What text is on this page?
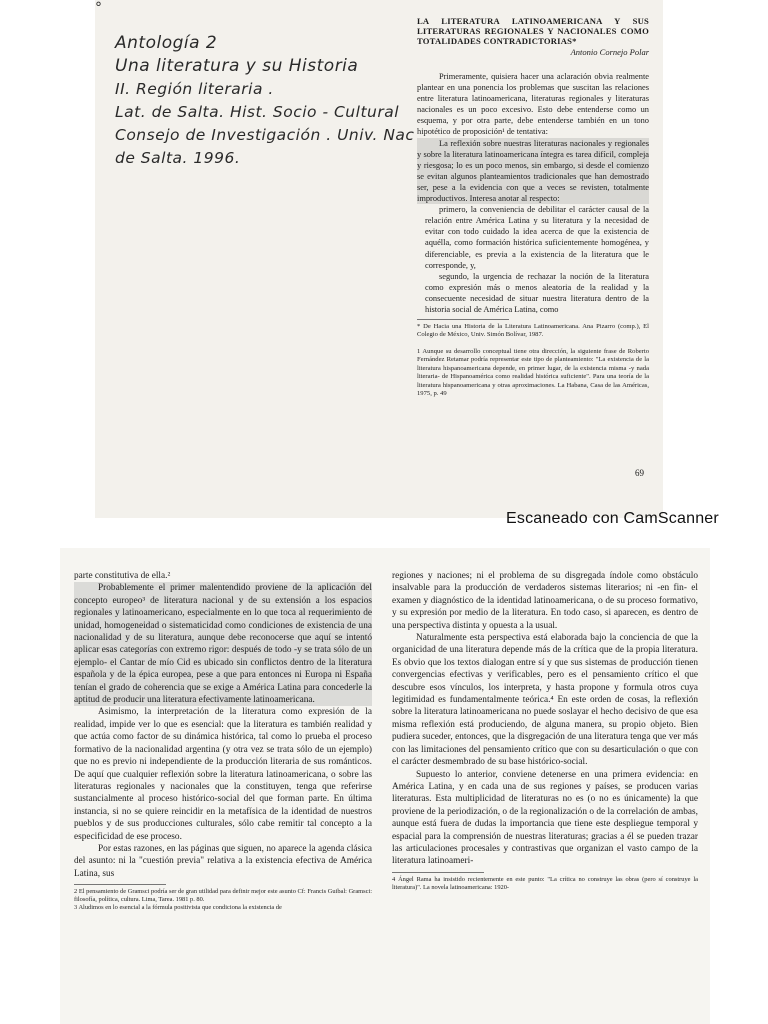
°
Antología 2
Una literatura y su Historia
II. Región literaria .
Lat. de Salta. Hist. Socio - Cultural
Consejo de Investigación . Univ. Nac
de Salta. 1996.
LA LITERATURA LATINOAMERICANA Y SUS LITERATURAS REGIONALES Y NACIONALES COMO TOTALIDADES CONTRADICTORIAS*
Antonio Cornejo Polar

Primeramente, quisiera hacer una aclaración obvia realmente plantear en una ponencia los problemas que suscitan las relaciones entre literatura latinoamericana, literaturas regionales y literaturas nacionales es un poco excesivo. Esto debe entenderse como un esquema, y por otra parte, debe entenderse también en un tono hipotético de proposición¹ de tentativa:

La reflexión sobre nuestras literaturas nacionales y regionales y sobre la literatura latinoamericana íntegra es tarea difícil, compleja y riesgosa; lo es un poco menos, sin embargo, si desde el comienzo se evitan algunos planteamientos tradicionales que han demostrado ser, pese a la evidencia con que a veces se revisten, totalmente improductivos. Interesa anotar al respecto:

primero, la conveniencia de debilitar el carácter causal de la relación entre América Latina y su literatura y la necesidad de evitar con todo cuidado la idea acerca de que la existencia de aquélla, como formación histórica suficientemente homogénea, y diferenciable, es previa a la existencia de la literatura que le corresponde, y,

segundo, la urgencia de rechazar la noción de la literatura como expresión más o menos aleatoria de la realidad y la consecuente necesidad de situar nuestra literatura dentro de la historia social de América Latina, como

* De Hacia una Historia de la Literatura Latinoamericana. Ana Pizarro (comp.), El Colegio de México, Univ. Simón Bolívar, 1987.

1 Aunque su desarrollo conceptual tiene otra dirección, la siguiente frase de Roberto Fernández Retamar podría representar este tipo de planteamiento: "La existencia de la literatura hispanoamericana depende, en primer lugar, de la existencia misma -y nada literaria- de Hispanoamérica como realidad histórica suficiente". Para una teoría de la literatura hispanoamericana y otras aproximaciones. La Habana, Casa de las Américas, 1975, p. 49

69
Escaneado con CamScanner

parte constitutiva de ella.²

Probablemente el primer malentendido proviene de la aplicación del concepto europeo³ de literatura nacional y de su extensión a los espacios regionales y latinoamericano, especialmente en lo que toca al requerimiento de unidad, homogeneidad o sistematicidad como condiciones de existencia de una nacionalidad y de su literatura, aunque debe reconocerse que aquí se intentó aplicar esas categorías con extremo rigor: después de todo -y se trata sólo de un ejemplo- el Cantar de mío Cid es ubicado sin conflictos dentro de la literatura española y de la épica europea, pese a que para entonces ni Europa ni España tenían el grado de coherencia que se exige a América Latina para concederle la aptitud de producir una literatura efectivamente latinoamericana.

Asimismo, la interpretación de la literatura como expresión de la realidad, impide ver lo que es esencial: que la literatura es también realidad y que actúa como factor de su dinámica histórica, tal como lo prueba el proceso formativo de la nacionalidad argentina (y otra vez se trata sólo de un ejemplo) que no es previo ni independiente de la producción literaria de sus románticos. De aquí que cualquier reflexión sobre la literatura latinoamericana, o sobre las literaturas regionales y nacionales que la constituyen, tenga que referirse sustancialmente al proceso histórico-social del que forman parte. En última instancia, si no se quiere reincidir en la metafísica de la identidad de nuestros pueblos y de sus producciones culturales, sólo cabe remitir tal concepto a la especificidad de ese proceso.

Por estas razones, en las páginas que siguen, no aparece la agenda clásica del asunto: ni la "cuestión previa" relativa a la existencia efectiva de América Latina, sus

2 El pensamiento de Gramsci podría ser de gran utilidad para definir mejor este asunto Cf: Francis Guibal: Gramsci: filosofía, política, cultura. Lima, Tarea. 1981 p. 80.

3 Aludimos en lo esencial a la fórmula positivista que condiciona la existencia de

regiones y naciones; ni el problema de su disgregada índole como obstáculo insalvable para la producción de verdaderos sistemas literarios; ni -en fin- el examen y diagnóstico de la identidad latinoamericana, o de su proceso formativo, y su expresión por medio de la literatura. En todo caso, si aparecen, es dentro de una perspectiva distinta y opuesta a la usual.

Naturalmente esta perspectiva está elaborada bajo la conciencia de que la organicidad de una literatura depende más de la crítica que de la propia literatura. Es obvio que los textos dialogan entre sí y que sus sistemas de producción tienen convergencias efectivas y verificables, pero es el pensamiento crítico el que descubre esos vínculos, los interpreta, y hasta propone y formula otros cuya legitimidad es fundamentalmente teórica.⁴ En este orden de cosas, la reflexión sobre la literatura latinoamericana no puede soslayar el hecho decisivo de que esa misma reflexión está produciendo, de alguna manera, su propio objeto. Bien pudiera suceder, entonces, que la disgregación de una literatura tenga que ver más con las limitaciones del pensamiento crítico que con su desarticulación o que con el carácter desmembrado de su base histórico-social.

Supuesto lo anterior, conviene detenerse en una primera evidencia: en América Latina, y en cada una de sus regiones y países, se producen varias literaturas. Esta multiplicidad de literaturas no es (o no es únicamente) la que proviene de la periodización, o de la regionalización o de la correlación de ambas, aunque está fuera de dudas la importancia que tiene este despliegue temporal y espacial para la comprensión de nuestras literaturas; gracias a él se pueden trazar las articulaciones procesales y contrastivas que organizan el vasto campo de la literatura latinoameri-

4 Ángel Rama ha insistido recientemente en este punto: "La crítica no construye las obras (pero sí construye la literatura)". La novela latinoamericana: 1920-
